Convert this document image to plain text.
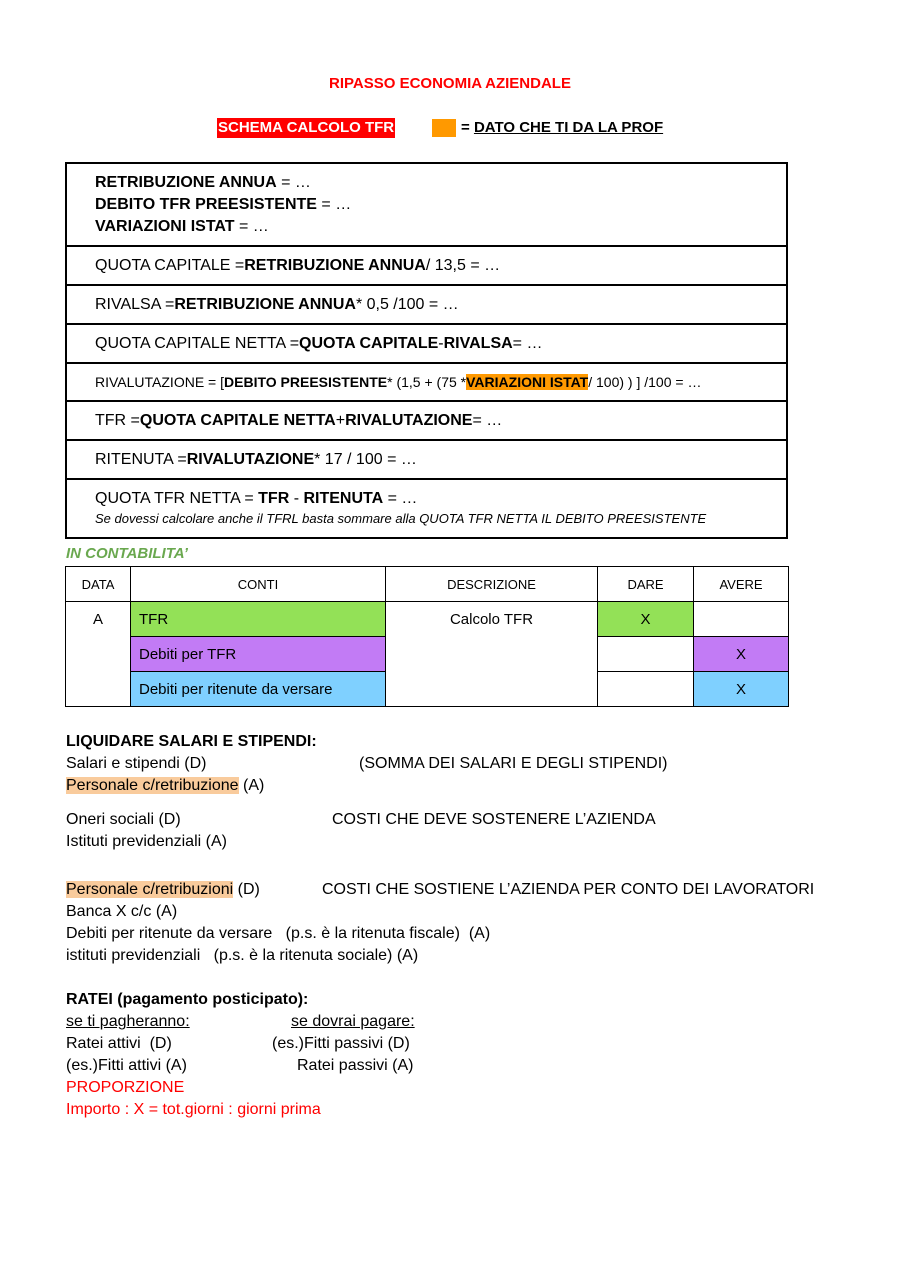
RIPASSO ECONOMIA AZIENDALE
SCHEMA CALCOLO TFR	= DATO CHE TI DA LA PROF
RETRIBUZIONE ANNUA = …
DEBITO TFR PREESISTENTE = …
VARIAZIONI ISTAT = …
QUOTA CAPITALE = RETRIBUZIONE ANNUA / 13,5 = …
RIVALSA = RETRIBUZIONE ANNUA * 0,5 /100 = …
QUOTA CAPITALE NETTA = QUOTA CAPITALE - RIVALSA = …
RIVALUTAZIONE = [ DEBITO PREESISTENTE * (1,5 + (75 * VARIAZIONI ISTAT / 100) ) ] /100 = …
TFR = QUOTA CAPITALE NETTA + RIVALUTAZIONE = …
RITENUTA = RIVALUTAZIONE * 17 / 100 = …
QUOTA TFR NETTA = TFR - RITENUTA = …
Se dovessi calcolare anche il TFRL basta sommare alla QUOTA TFR NETTA IL DEBITO PREESISTENTE
IN CONTABILITA’
DATA	CONTI	DESCRIZIONE	DARE	AVERE
A	TFR	Calcolo TFR	X	
	Debiti per TFR			X
	Debiti per ritenute da versare			X
LIQUIDARE SALARI E STIPENDI:
Salari e stipendi (D)	(SOMMA DEI SALARI E DEGLI STIPENDI)
Personale c/retribuzione (A)
Oneri sociali (D)	COSTI CHE DEVE SOSTENERE L’AZIENDA
Istituti previdenziali (A)
Personale c/retribuzioni (D)	COSTI CHE SOSTIENE L’AZIENDA PER CONTO DEI LAVORATORI
Banca X c/c (A)
Debiti per ritenute da versare   (p.s. è la ritenuta fiscale)  (A)
istituti previdenziali   (p.s. è la ritenuta sociale) (A)
RATEI (pagamento posticipato):
se ti pagheranno:	se dovrai pagare:
Ratei attivi  (D)	(es.)Fitti passivi (D)
(es.)Fitti attivi (A)	Ratei passivi (A)
PROPORZIONE
Importo : X = tot.giorni : giorni prima
